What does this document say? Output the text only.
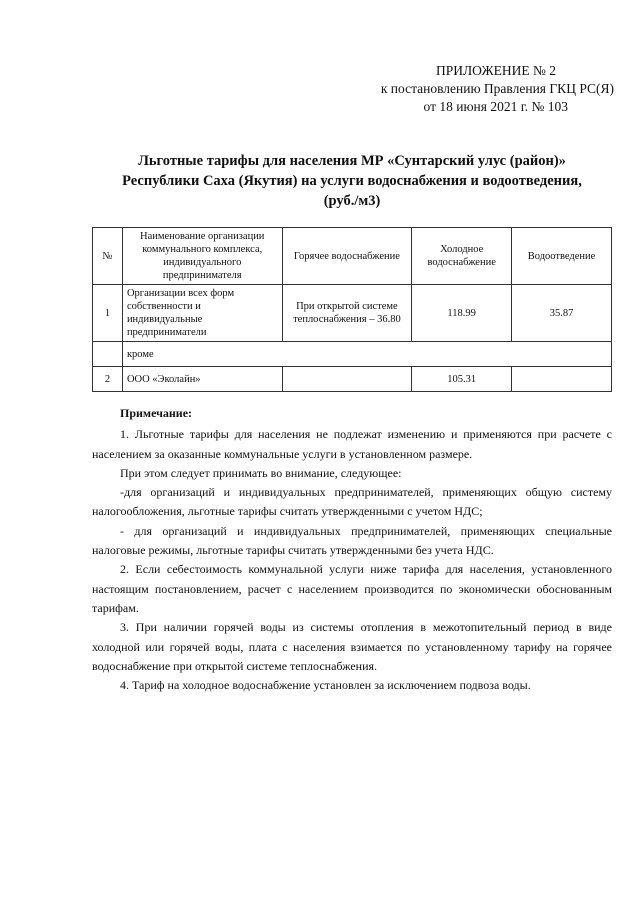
ПРИЛОЖЕНИЕ № 2
к постановлению Правления ГКЦ РС(Я)
от 18 июня 2021 г. № 103
Льготные тарифы для населения МР «Сунтарский улус (район)»
Республики Саха (Якутия) на услуги водоснабжения и водоотведения,
(руб./м3)
№	Наименование организации коммунального комплекса, индивидуального предпринимателя	Горячее водоснабжение	Холодное водоснабжение	Водоотведение
1	Организации всех форм собственности и индивидуальные предприниматели	При открытой системе теплоснабжения – 36.80	118.99	35.87
	кроме			
2	ООО «Эколайн»		105.31	
Примечание:

1. Льготные тарифы для населения не подлежат изменению и применяются при расчете с населением за оказанные коммунальные услуги в установленном размере.

При этом следует принимать во внимание, следующее:

-для организаций и индивидуальных предпринимателей, применяющих общую систему налогообложения, льготные тарифы считать утвержденными с учетом НДС;

- для организаций и индивидуальных предпринимателей, применяющих специальные налоговые режимы, льготные тарифы считать утвержденными без учета НДС.

2. Если себестоимость коммунальной услуги ниже тарифа для населения, установленного настоящим постановлением, расчет с населением производится по экономически обоснованным тарифам.

3. При наличии горячей воды из системы отопления в межотопительный период в виде холодной или горячей воды, плата с населения взимается по установленному тарифу на горячее водоснабжение при открытой системе теплоснабжения.

4. Тариф на холодное водоснабжение установлен за исключением подвоза воды.
